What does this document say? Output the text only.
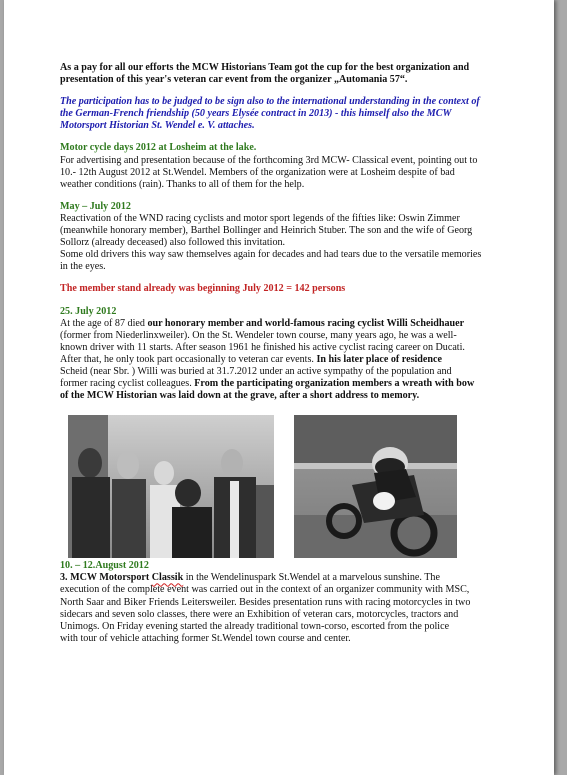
As a pay for all our efforts the MCW Historians Team got the cup for the best organization and

presentation of this year's veteran car event from the organizer „Automania 57“.

The participation has to be judged to be sign also to the international understanding in the context of

the German-French friendship (50 years Elysée contract in 2013) - this himself also the MCW

Motorsport Historian St. Wendel e. V. attaches.

Motor cycle days 2012 at Losheim at the lake.

For advertising and presentation because of the forthcoming 3rd MCW- Classical event, pointing out to

10.- 12th August 2012 at St.Wendel. Members of the organization were at Losheim despite of bad

weather conditions (rain). Thanks to all of them for the help.

May – July 2012

Reactivation of the WND racing cyclists and motor sport legends of the fifties like: Oswin Zimmer

(meanwhile honorary member), Barthel Bollinger and Heinrich Stuber. The son and the wife of Georg

Sollorz (already deceased) also followed this invitation.

Some old drivers this way saw themselves again for decades and had tears due to the versatile memories

in the eyes.

The member stand already was beginning July 2012 = 142 persons

25. July 2012

At the age of 87 died our honorary member and world-famous racing cyclist Willi Scheidhauer

(former from Niederlinxweiler). On the St. Wendeler town course, many years ago, he was a well-

known driver with 11 starts. After season 1961 he finished his active cyclist racing career on Ducati.

After that, he only took part occasionally to veteran car events. In his later place of residence

Scheid (near Sbr. ) Willi was buried at 31.7.2012 under an active sympathy of the population and

former racing cyclist colleagues. From the participating organization members a wreath with bow

of the MCW Historian was laid down at the grave, after a short address to memory.

10. – 12.August 2012

3. MCW Motorsport Classik in the Wendelinuspark St.Wendel at a marvelous sunshine. The

execution of the complete event was carried out in the context of an organizer community with MSC,

North Saar and Biker Friends Leitersweiler. Besides presentation runs with racing motorcycles in two

sidecars and seven solo classes, there were an Exhibition of veteran cars, motorcycles, tractors and

Unimogs. On Friday evening started the already traditional town-corso, escorted from the police

with tour of vehicle attaching former St.Wendel town course and center.
